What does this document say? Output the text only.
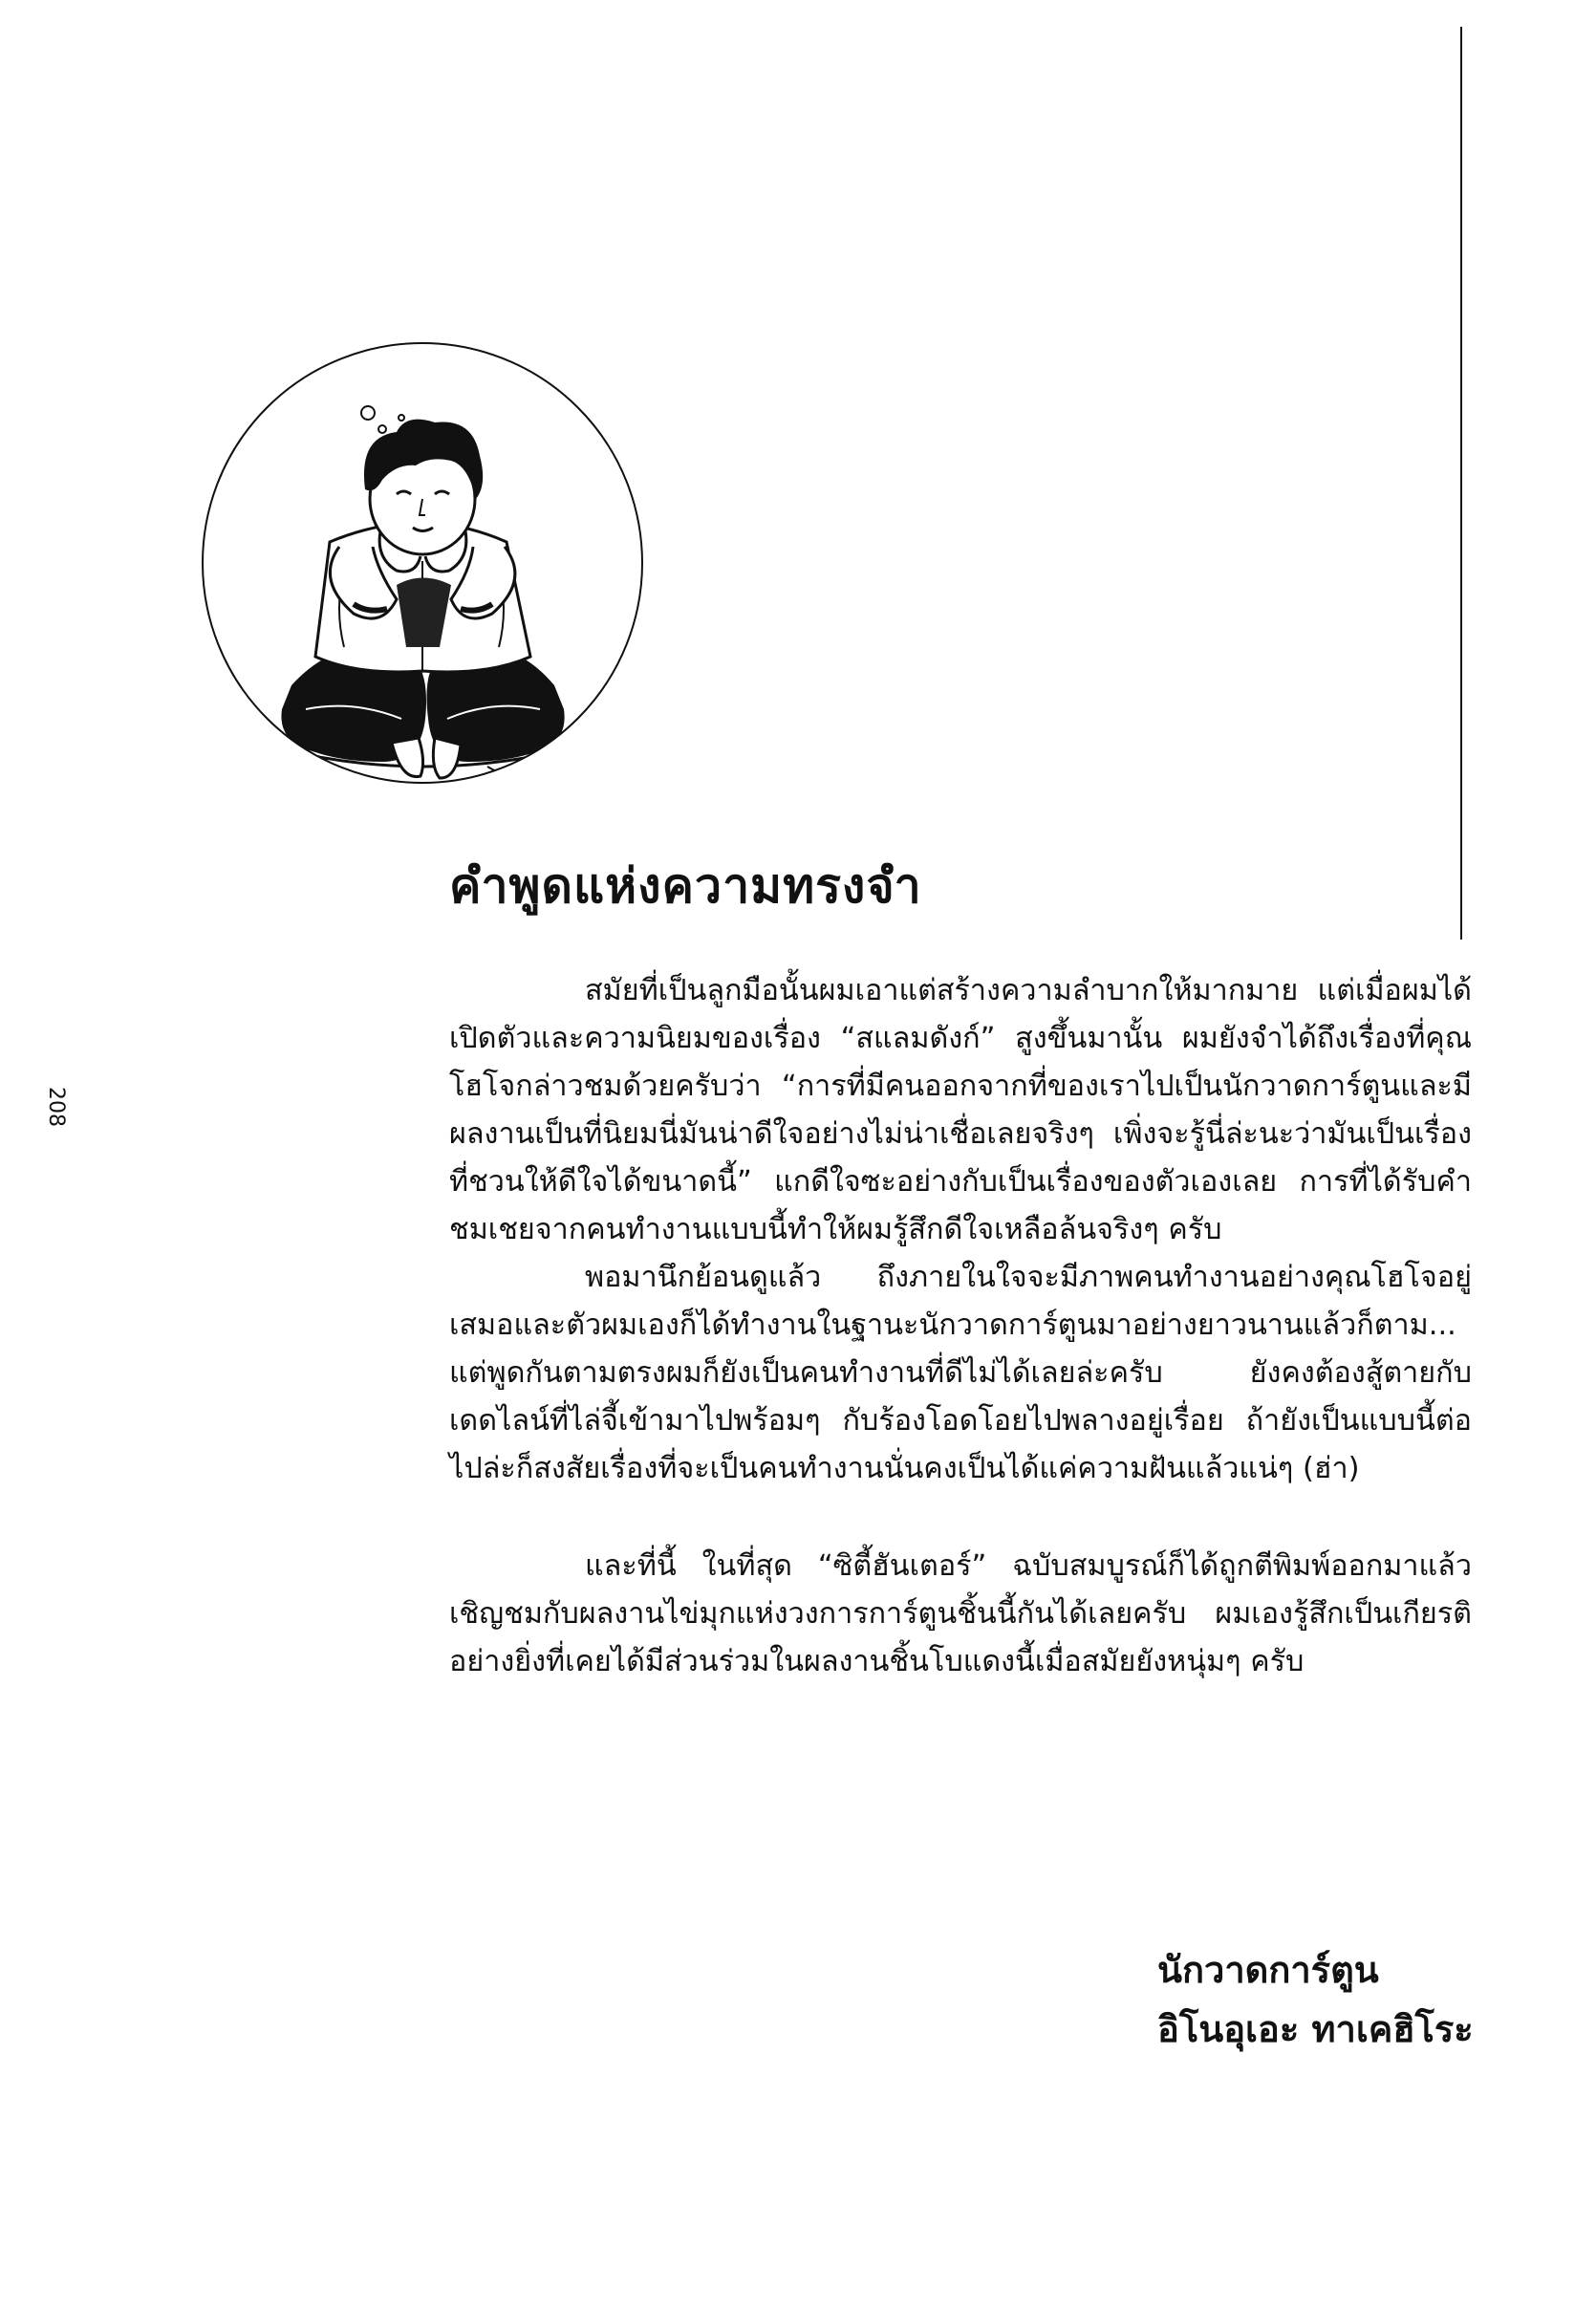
208
คำพูดแห่งความทรงจำ

สมัยที่เป็นลูกมือนั้นผมเอาแต่สร้างความลำบากให้มากมาย แต่เมื่อผมได้เปิดตัวและความนิยมของเรื่อง “สแลมดังก์” สูงขึ้นมานั้น ผมยังจำได้ถึงเรื่องที่คุณโฮโจกล่าวชมด้วยครับว่า “การที่มีคนออกจากที่ของเราไปเป็นนักวาดการ์ตูนและมีผลงานเป็นที่นิยมนี่มันน่าดีใจอย่างไม่น่าเชื่อเลยจริงๆ เพิ่งจะรู้นี่ล่ะนะว่ามันเป็นเรื่องที่ชวนให้ดีใจได้ขนาดนี้” แกดีใจซะอย่างกับเป็นเรื่องของตัวเองเลย การที่ได้รับคำชมเชยจากคนทำงานแบบนี้ทำให้ผมรู้สึกดีใจเหลือล้นจริงๆ ครับ

พอมานึกย้อนดูแล้ว ถึงภายในใจจะมีภาพคนทำงานอย่างคุณโฮโจอยู่เสมอและตัวผมเองก็ได้ทำงานในฐานะนักวาดการ์ตูนมาอย่างยาวนานแล้วก็ตาม... แต่พูดกันตามตรงผมก็ยังเป็นคนทำงานที่ดีไม่ได้เลยล่ะครับ ยังคงต้องสู้ตายกับเดดไลน์ที่ไล่จี้เข้ามาไปพร้อมๆ กับร้องโอดโอยไปพลางอยู่เรื่อย ถ้ายังเป็นแบบนี้ต่อไปล่ะก็สงสัยเรื่องที่จะเป็นคนทำงานนั่นคงเป็นได้แค่ความฝันแล้วแน่ๆ (ฮ่า)

และที่นี้ ในที่สุด “ซิตี้ฮันเตอร์” ฉบับสมบูรณ์ก็ได้ถูกตีพิมพ์ออกมาแล้ว เชิญชมกับผลงานไข่มุกแห่งวงการการ์ตูนชิ้นนี้กันได้เลยครับ ผมเองรู้สึกเป็นเกียรติอย่างยิ่งที่เคยได้มีส่วนร่วมในผลงานชิ้นโบแดงนี้เมื่อสมัยยังหนุ่มๆ ครับ

นักวาดการ์ตูน
อิโนอุเอะ ทาเคฮิโระ
